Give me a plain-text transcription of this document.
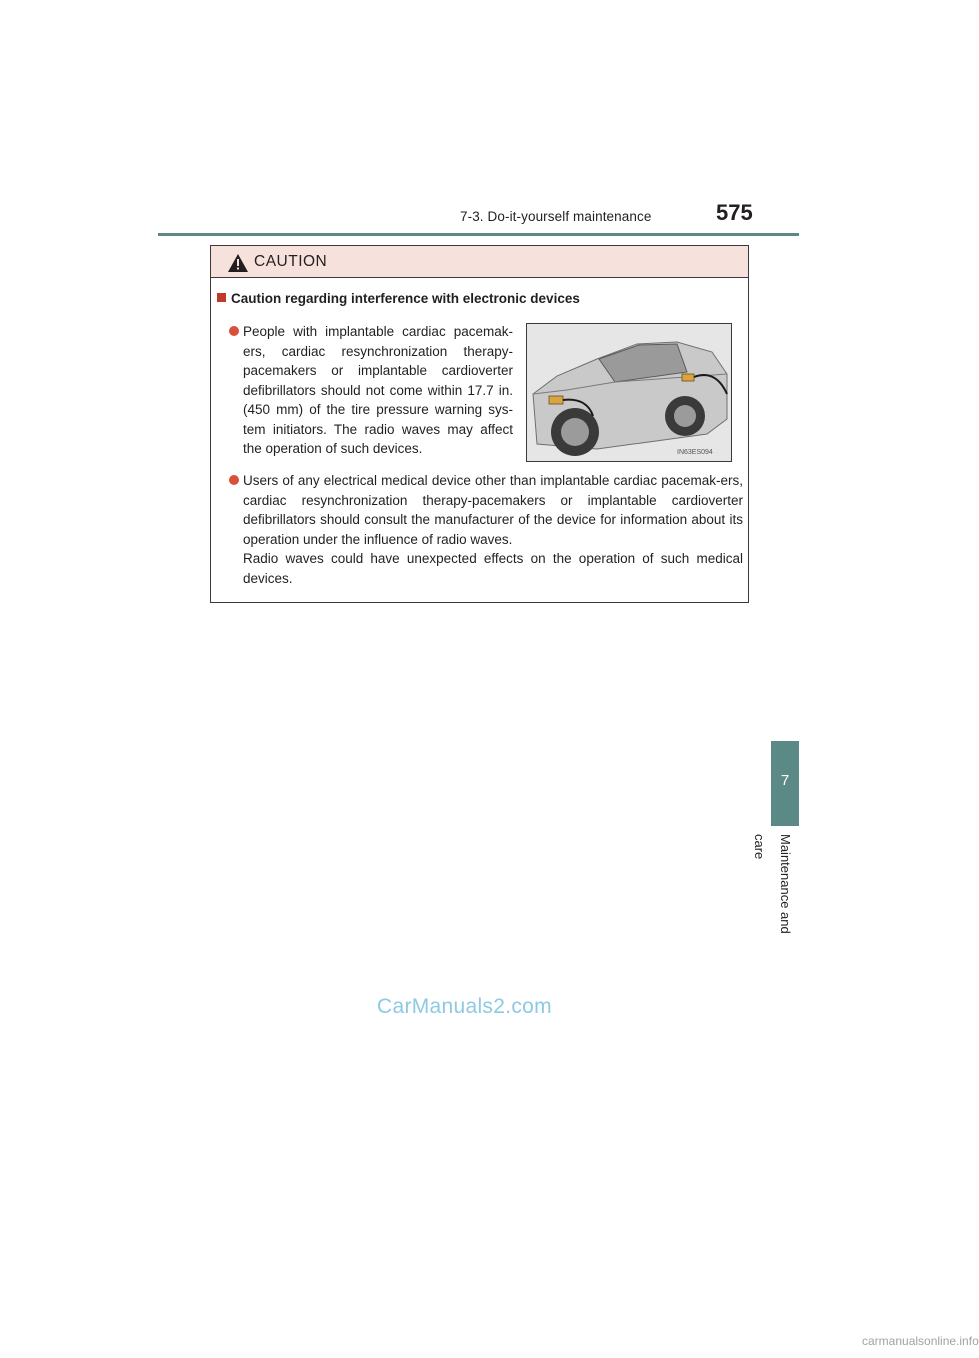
7-3. Do-it-yourself maintenance	575
7
Maintenance and care
CAUTION
Caution regarding interference with electronic devices

People with implantable cardiac pacemak-ers, cardiac resynchronization therapy-pacemakers or implantable cardioverter defibrillators should not come within 17.7 in. (450 mm) of the tire pressure warning sys-tem initiators. The radio waves may affect the operation of such devices.	IN63ES094

Users of any electrical medical device other than implantable cardiac pacemak-ers, cardiac resynchronization therapy-pacemakers or implantable cardioverter defibrillators should consult the manufacturer of the device for information about its operation under the influence of radio waves.

Radio waves could have unexpected effects on the operation of such medical devices.

CarManuals2.com
carmanualsonline.info
